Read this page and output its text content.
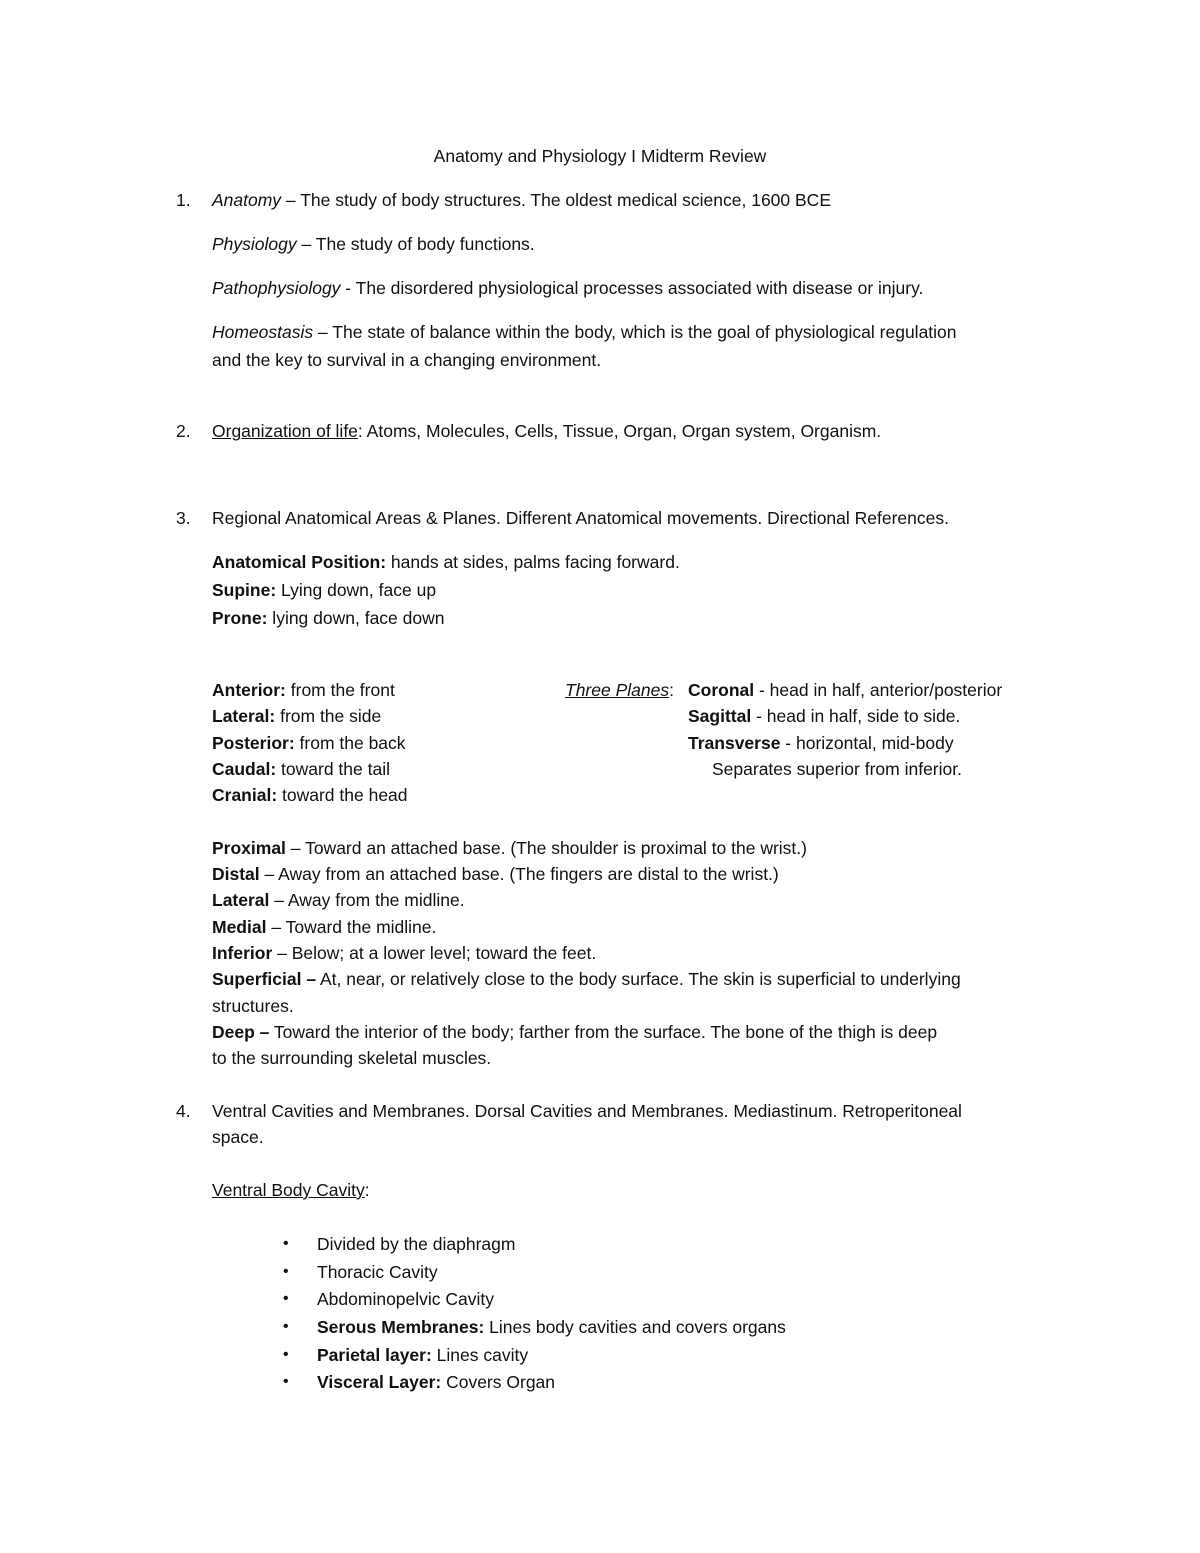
Anatomy and Physiology I Midterm Review
1. Anatomy – The study of body structures. The oldest medical science, 1600 BCE
Physiology – The study of body functions.
Pathophysiology - The disordered physiological processes associated with disease or injury.
Homeostasis – The state of balance within the body, which is the goal of physiological regulation
and the key to survival in a changing environment.
2. Organization of life: Atoms, Molecules, Cells, Tissue, Organ, Organ system, Organism.
3. Regional Anatomical Areas & Planes. Different Anatomical movements. Directional References.
Anatomical Position: hands at sides, palms facing forward.
Supine: Lying down, face up
Prone: lying down, face down
Anterior: from the front
Lateral: from the side
Posterior: from the back
Caudal: toward the tail
Cranial: toward the head
Three Planes: Coronal - head in half, anterior/posterior
Sagittal - head in half, side to side.
Transverse - horizontal, mid-body
Separates superior from inferior.
Proximal – Toward an attached base. (The shoulder is proximal to the wrist.)
Distal – Away from an attached base. (The fingers are distal to the wrist.)
Lateral – Away from the midline.
Medial – Toward the midline.
Inferior – Below; at a lower level; toward the feet.
Superficial – At, near, or relatively close to the body surface. The skin is superficial to underlying
structures.
Deep – Toward the interior of the body; farther from the surface. The bone of the thigh is deep
to the surrounding skeletal muscles.
4. Ventral Cavities and Membranes. Dorsal Cavities and Membranes. Mediastinum. Retroperitoneal
space.
Ventral Body Cavity:
• Divided by the diaphragm
• Thoracic Cavity
• Abdominopelvic Cavity
• Serous Membranes: Lines body cavities and covers organs
• Parietal layer: Lines cavity
• Visceral Layer: Covers Organ
